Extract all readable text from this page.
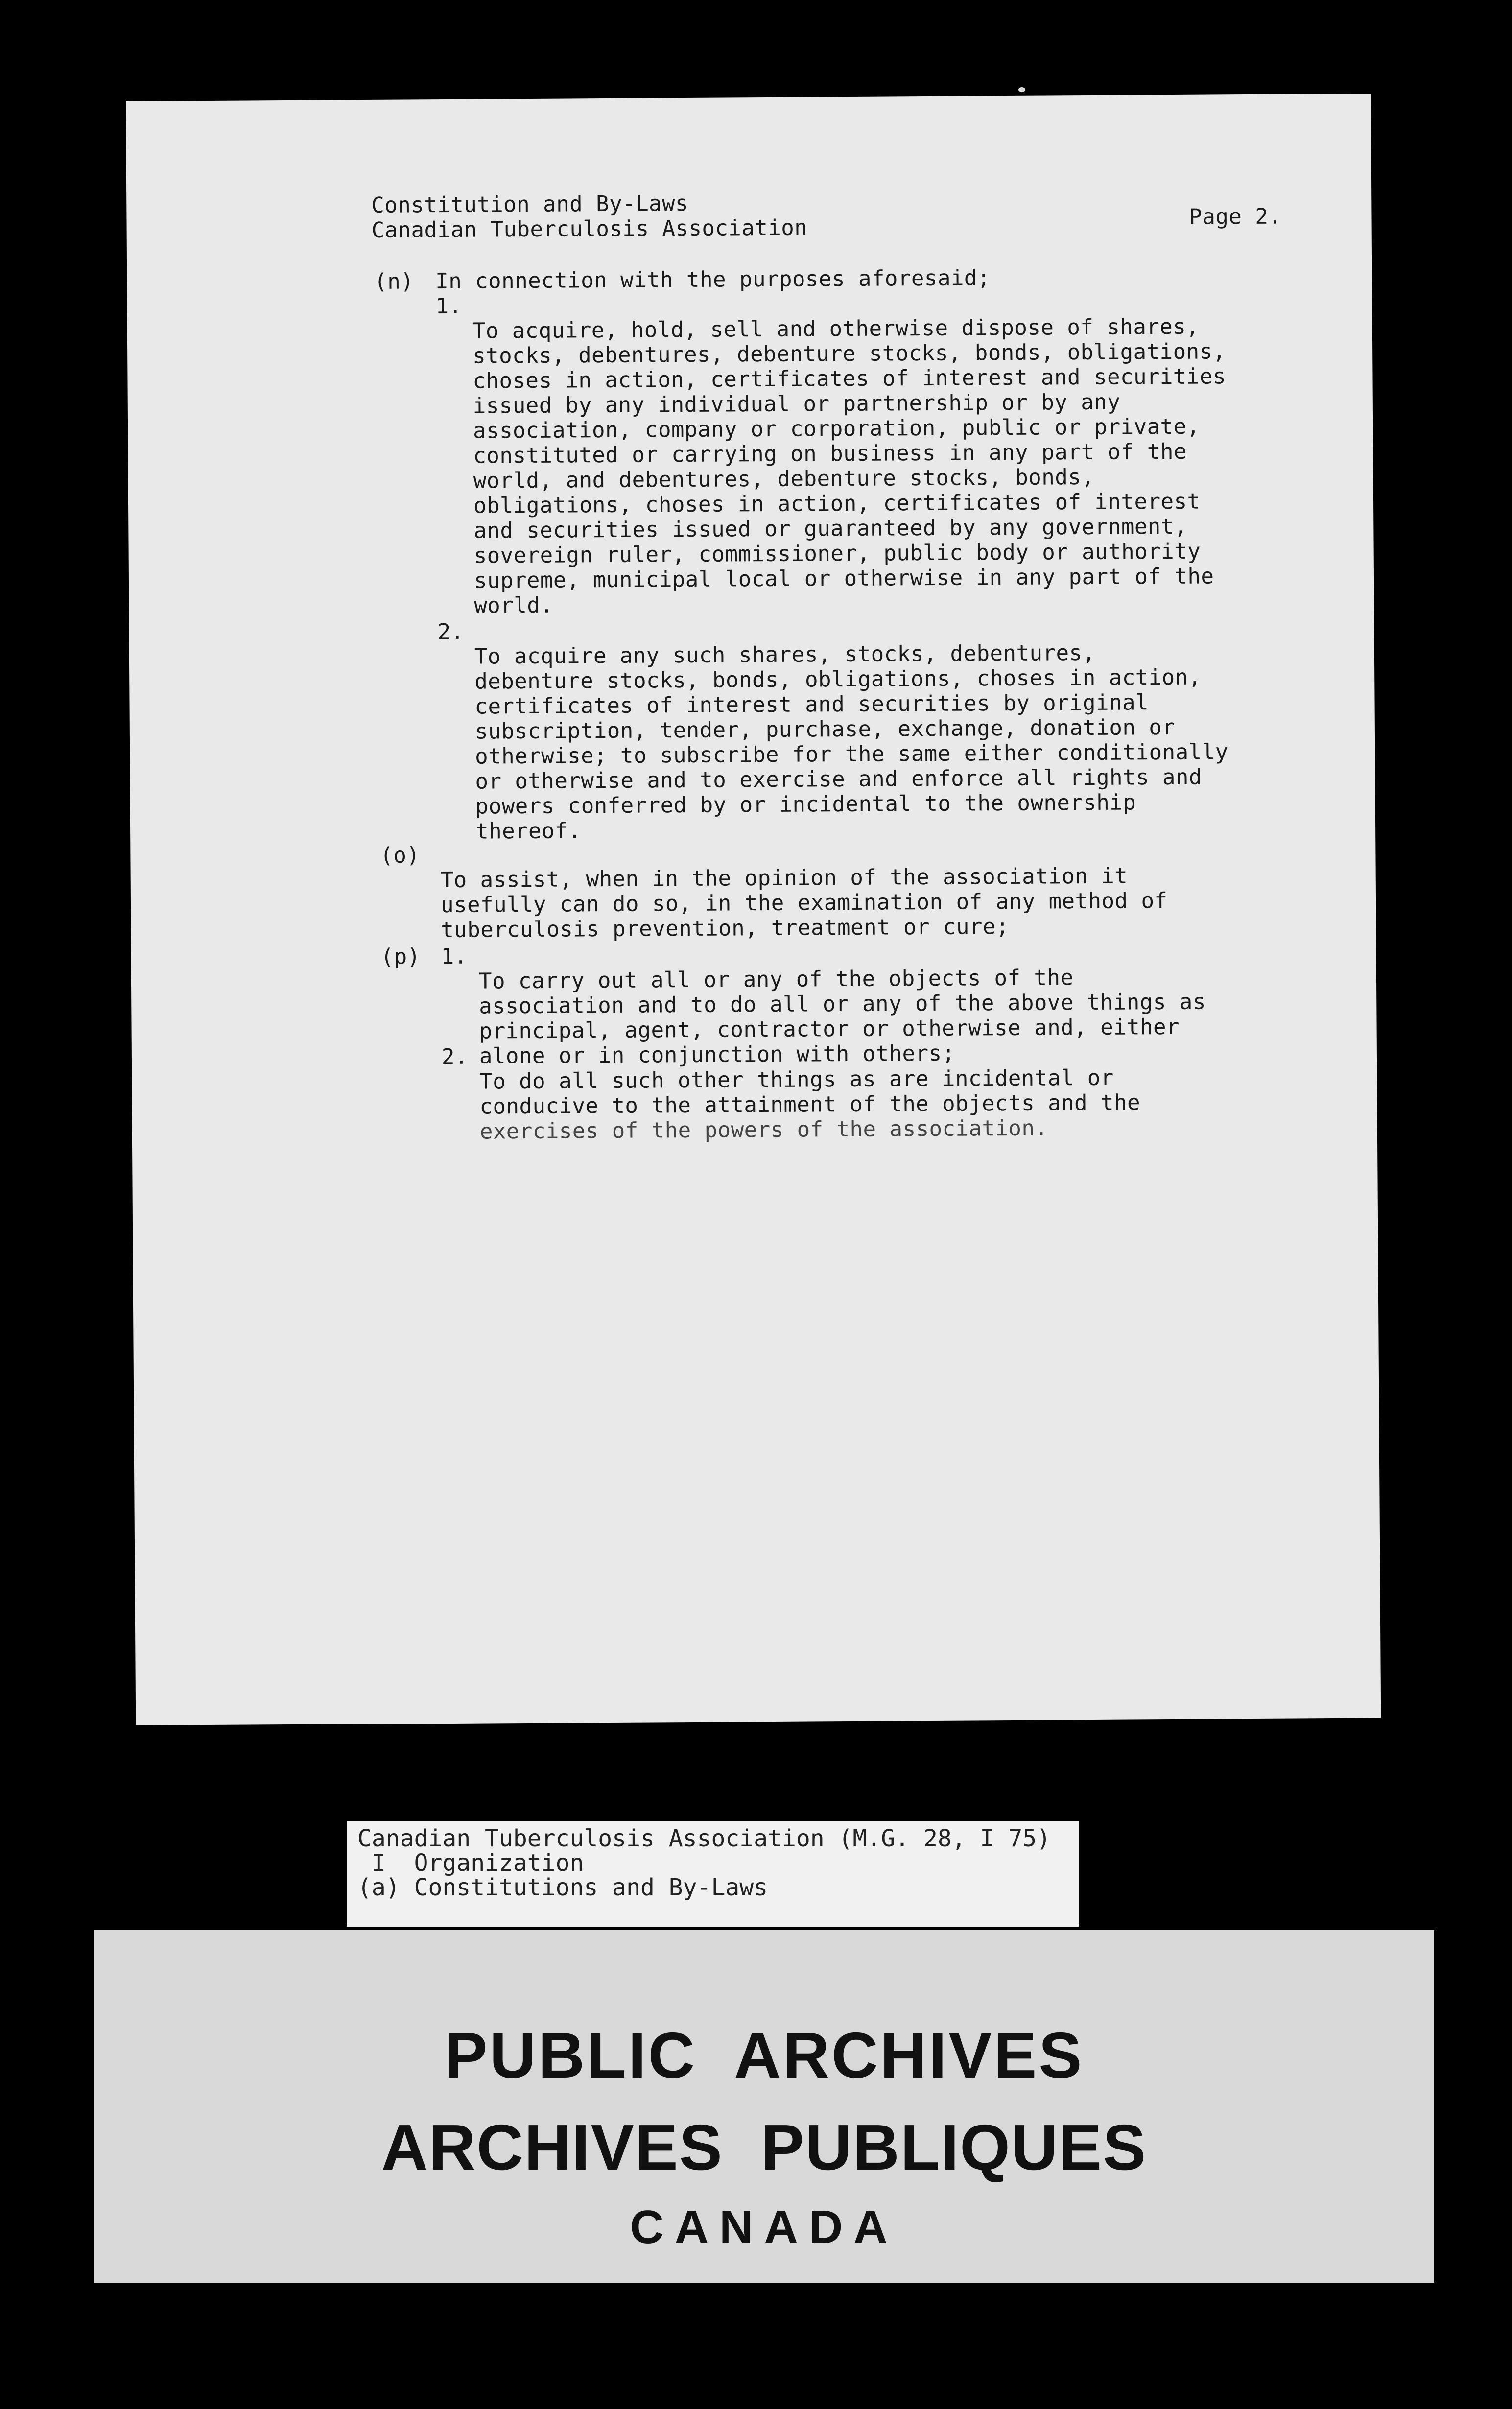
Constitution and By-Laws
Canadian Tuberculosis Association	Page 2.
(n) In connection with the purposes aforesaid;
1.

To acquire, hold, sell and otherwise dispose of shares,
stocks, debentures, debenture stocks, bonds, obligations,
choses in action, certificates of interest and securities
issued by any individual or partnership or by any
association, company or corporation, public or private,
constituted or carrying on business in any part of the
world, and debentures, debenture stocks, bonds,
obligations, choses in action, certificates of interest
and securities issued or guaranteed by any government,
sovereign ruler, commissioner, public body or authority
supreme, municipal local or otherwise in any part of the
world.

2.

To acquire any such shares, stocks, debentures,
debenture stocks, bonds, obligations, choses in action,
certificates of interest and securities by original
subscription, tender, purchase, exchange, donation or
otherwise; to subscribe for the same either conditionally
or otherwise and to exercise and enforce all rights and
powers conferred by or incidental to the ownership
thereof.

(o)

To assist, when in the opinion of the association it
usefully can do so, in the examination of any method of
tuberculosis prevention, treatment or cure;

(p) 1.

To carry out all or any of the objects of the
association and to do all or any of the above things as
principal, agent, contractor or otherwise and, either
alone or in conjunction with others;

2.

To do all such other things as are incidental or
conducive to the attainment of the objects and the
exercises of the powers of the association.

Canadian Tuberculosis Association (M.G. 28, I 75)
I  Organization
(a) Constitutions and By-Laws
PUBLIC  ARCHIVES
ARCHIVES  PUBLIQUES
CANADA
